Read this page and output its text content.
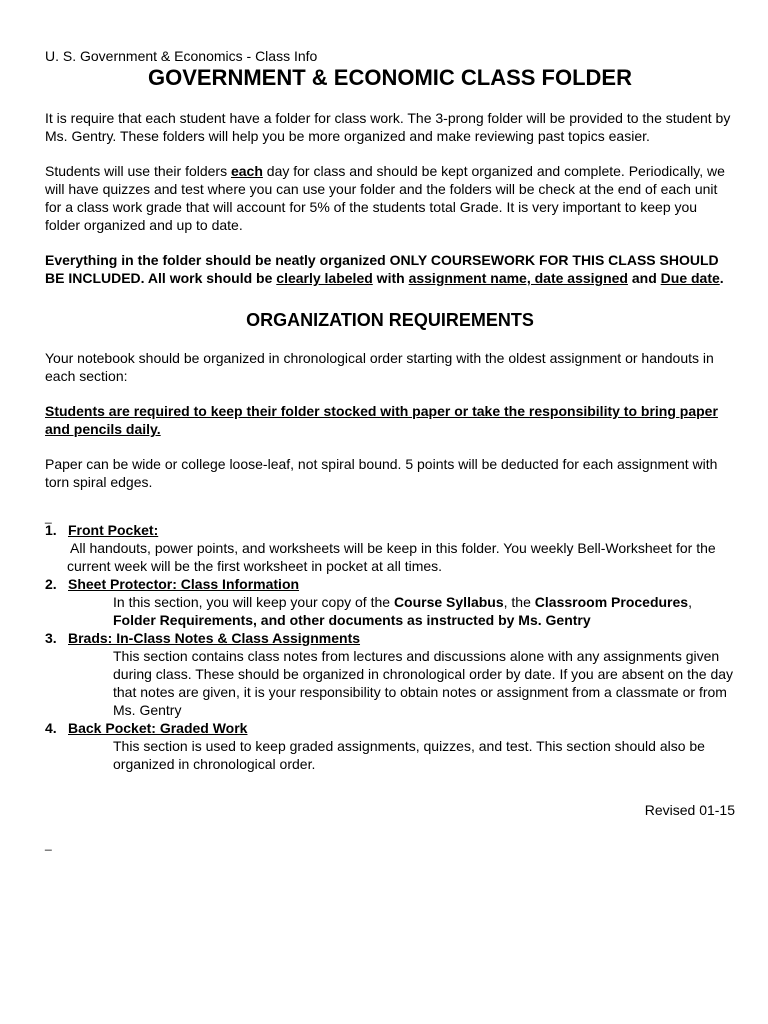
U. S. Government & Economics - Class Info
GOVERNMENT & ECONOMIC CLASS FOLDER

It is require that each student have a folder for class work. The 3-prong folder will be provided to the student by Ms. Gentry. These folders will help you be more organized and make reviewing past topics easier.

Students will use their folders each day for class and should be kept organized and complete. Periodically, we will have quizzes and test where you can use your folder and the folders will be check at the end of each unit for a class work grade that will account for 5% of the students total Grade. It is very important to keep you folder organized and up to date.

Everything in the folder should be neatly organized ONLY COURSEWORK FOR THIS CLASS SHOULD BE INCLUDED. All work should be clearly labeled with assignment name, date assigned and Due date.

ORGANIZATION REQUIREMENTS

Your notebook should be organized in chronological order starting with the oldest assignment or handouts in each section:

Students are required to keep their folder stocked with paper or take the responsibility to bring paper and pencils daily.

Paper can be wide or college loose-leaf, not spiral bound. 5 points will be deducted for each assignment with torn spiral edges.

_
1. Front Pocket:
All handouts, power points, and worksheets will be keep in this folder. You weekly Bell-Worksheet for the current week will be the first worksheet in pocket at all times.
2. Sheet Protector: Class Information
In this section, you will keep your copy of the Course Syllabus, the Classroom Procedures, Folder Requirements, and other documents as instructed by Ms. Gentry
3. Brads: In-Class Notes & Class Assignments
This section contains class notes from lectures and discussions alone with any assignments given during class. These should be organized in chronological order by date. If you are absent on the day that notes are given, it is your responsibility to obtain notes or assignment from a classmate or from Ms. Gentry
4. Back Pocket: Graded Work
This section is used to keep graded assignments, quizzes, and test. This section should also be organized in chronological order.
Revised 01-15
_
